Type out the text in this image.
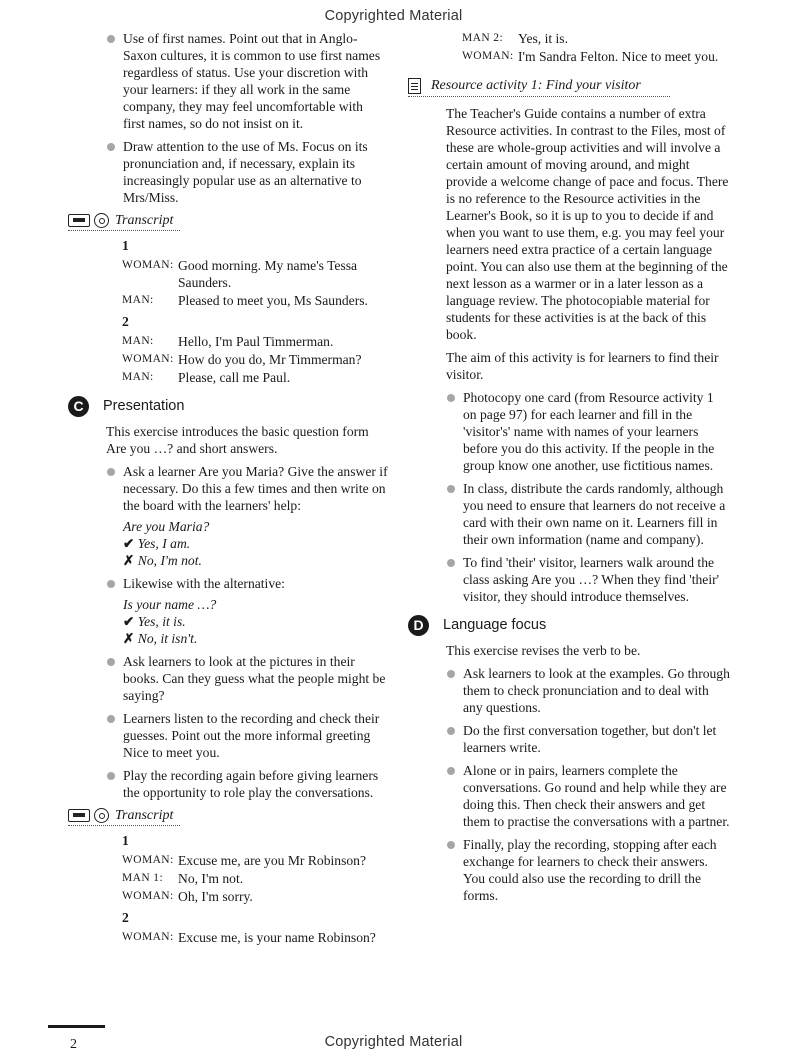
Copyrighted Material
Use of first names. Point out that in Anglo-Saxon cultures, it is common to use first names regardless of status. Use your discretion with your learners: if they all work in the same company, they may feel uncomfortable with first names, so do not insist on it.
Draw attention to the use of Ms. Focus on its pronunciation and, if necessary, explain its increasingly popular use as an alternative to Mrs/Miss.
Transcript
1
WOMAN: Good morning. My name's Tessa Saunders.
MAN:	Pleased to meet you, Ms Saunders.
2
MAN:	Hello, I'm Paul Timmerman.
WOMAN: How do you do, Mr Timmerman?
MAN:	Please, call me Paul.
C	Presentation

This exercise introduces the basic question form Are you …? and short answers.

Ask a learner Are you Maria? Give the answer if necessary. Do this a few times and then write on the board with the learners' help:
Are you Maria?
✔ Yes, I am.
✗ No, I'm not.
Likewise with the alternative:
Is your name …?
✔ Yes, it is.
✗ No, it isn't.
Ask learners to look at the pictures in their books. Can they guess what the people might be saying?
Learners listen to the recording and check their guesses. Point out the more informal greeting Nice to meet you.
Play the recording again before giving learners the opportunity to role play the conversations.
Transcript
1
WOMAN: Excuse me, are you Mr Robinson?
MAN 1:	No, I'm not.
WOMAN: Oh, I'm sorry.
2
WOMAN: Excuse me, is your name Robinson?
MAN 2:	Yes, it is.
WOMAN: I'm Sandra Felton. Nice to meet you.
Resource activity 1: Find your visitor

The Teacher's Guide contains a number of extra Resource activities. In contrast to the Files, most of these are whole-group activities and will involve a certain amount of moving around, and might provide a welcome change of pace and focus. There is no reference to the Resource activities in the Learner's Book, so it is up to you to decide if and when you want to use them, e.g. you may feel your learners need extra practice of a certain language point. You can also use them at the beginning of the next lesson as a warmer or in a later lesson as a language review. The photocopiable material for students for these activities is at the back of this book.

The aim of this activity is for learners to find their visitor.

Photocopy one card (from Resource activity 1 on page 97) for each learner and fill in the 'visitor's' name with names of your learners before you do this activity. If the people in the group know one another, use fictitious names.
In class, distribute the cards randomly, although you need to ensure that learners do not receive a card with their own name on it. Learners fill in their own information (name and company).
To find 'their' visitor, learners walk around the class asking Are you …? When they find 'their' visitor, they should introduce themselves.
D	Language focus

This exercise revises the verb to be.

Ask learners to look at the examples. Go through them to check pronunciation and to deal with any questions.
Do the first conversation together, but don't let learners write.
Alone or in pairs, learners complete the conversations. Go round and help while they are doing this. Then check their answers and get them to practise the conversations with a partner.
Finally, play the recording, stopping after each exchange for learners to check their answers. You could also use the recording to drill the forms.
2	Copyrighted Material
